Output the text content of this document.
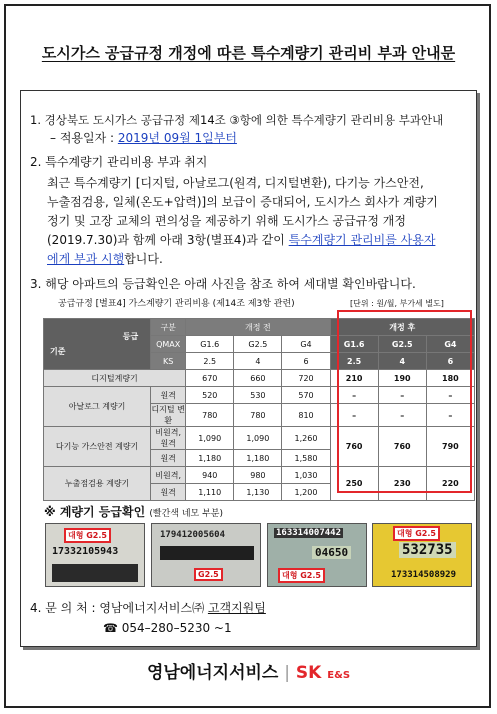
도시가스 공급규정 개정에 따른 특수계량기 관리비 부과 안내문
1. 경상북도 도시가스 공급규정 제14조 ③항에 의한 특수계량기 관리비용 부과안내
– 적용일자 : 2019년 09월 1일부터
2. 특수계량기 관리비용 부과 취지
최근 특수계량기 [디지털, 아날로그(원격, 디지털변환), 다기능 가스안전,
누출점검용, 일체(온도+압력)]의 보급이 증대되어, 도시가스 회사가 계량기
정기 및 고장 교체의 편의성을 제공하기 위해 도시가스 공급규정 개정
(2019.7.30)과 함께 아래 3항(별표4)과 같이 특수계량기 관리비를 사용자
에게 부과 시행합니다.
3. 해당 아파트의 등급확인은 아래 사진을 참조 하여 세대별 확인바랍니다.
공급규정 [별표4] 가스계량기 관리비용 (제14조 제3항 관련)	[단위 : 원/월, 부가세 별도]
등급
기준	구분	개정 전			개정 후		
	QMAX	G1.6	G2.5	G4	G1.6	G2.5	G4
	KS	2.5	4	6	2.5	4	6
디지털계량기		670	660	720	210	190	180
아날로그 계량기	원격	520	530	570	–	–	–
	디지털 변환	780	780	810	–	–	–
다기능 가스안전 계량기	비원격, 원격	1,090	1,090	1,260	760	760	790
	원격	1,180	1,180	1,580			
누출점검용 계량기	비원격,	940	980	1,030	250	230	220
	원격	1,110	1,130	1,200			
※ 계량기 등급확인 (빨간색 네모 부분)
대형 G2.5
17332105943
179412005604
G2.5
163314007442
04650
대형 G2.5
대형 G2.5
532735
173314508929
4. 문 의 처 : 영남에너지서비스㈜ 고객지원팀
☎ 054–280–5230 ~1
영남에너지서비스 | SK E&S
